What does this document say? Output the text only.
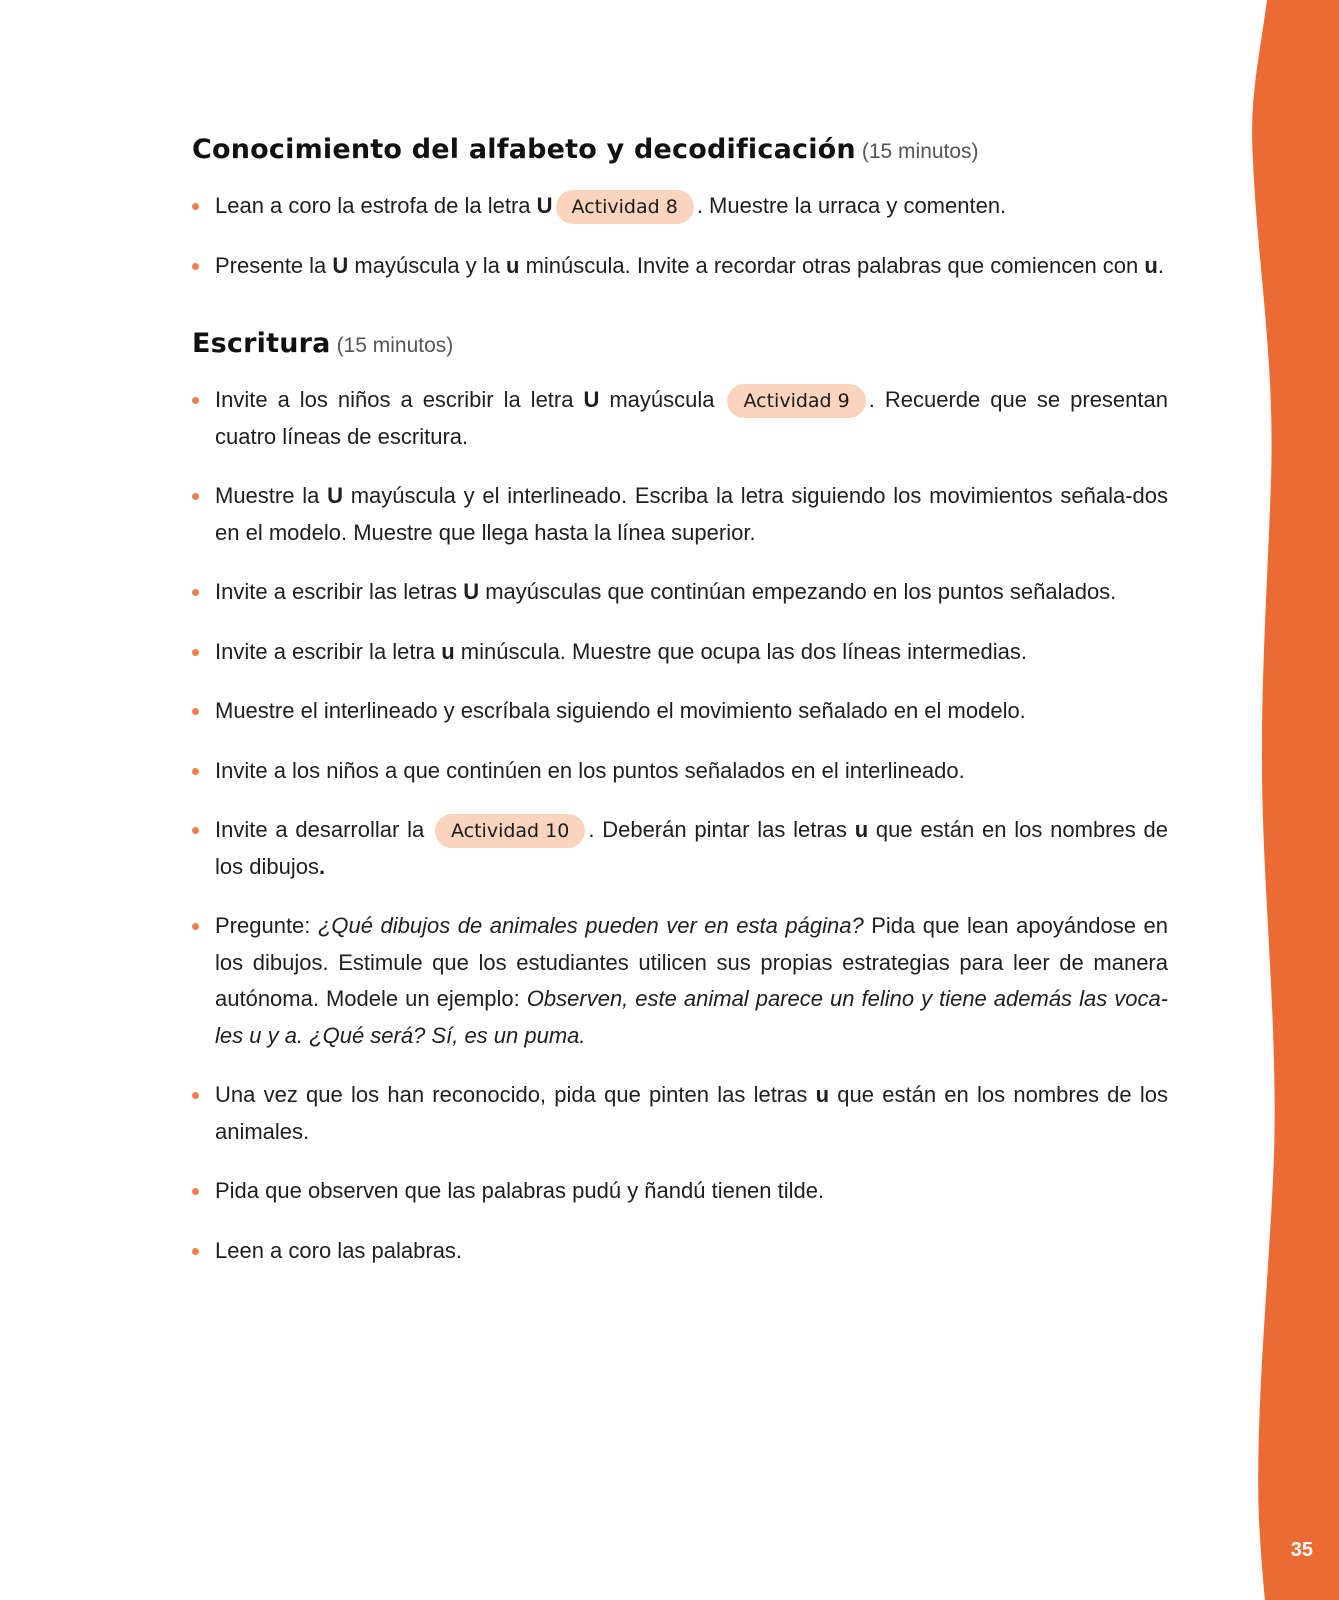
35
Conocimiento del alfabeto y decodificación (15 minutos)
Lean a coro la estrofa de la letra U Actividad 8 . Muestre la urraca y comenten.
Presente la U mayúscula y la u minúscula. Invite a recordar otras palabras que comiencen con u.
Escritura (15 minutos)
Invite a los niños a escribir la letra U mayúscula Actividad 9 . Recuerde que se presentan cuatro líneas de escritura.
Muestre la U mayúscula y el interlineado. Escriba la letra siguiendo los movimientos señala-dos en el modelo. Muestre que llega hasta la línea superior.
Invite a escribir las letras U mayúsculas que continúan empezando en los puntos señalados.
Invite a escribir la letra u minúscula. Muestre que ocupa las dos líneas intermedias.
Muestre el interlineado y escríbala siguiendo el movimiento señalado en el modelo.
Invite a los niños a que continúen en los puntos señalados en el interlineado.
Invite a desarrollar la Actividad 10 . Deberán pintar las letras u que están en los nombres de los dibujos.
Pregunte: ¿Qué dibujos de animales pueden ver en esta página? Pida que lean apoyándose en los dibujos. Estimule que los estudiantes utilicen sus propias estrategias para leer de manera autónoma. Modele un ejemplo: Observen, este animal parece un felino y tiene además las voca-les u y a. ¿Qué será? Sí, es un puma.
Una vez que los han reconocido, pida que pinten las letras u que están en los nombres de los animales.
Pida que observen que las palabras pudú y ñandú tienen tilde.
Leen a coro las palabras.
